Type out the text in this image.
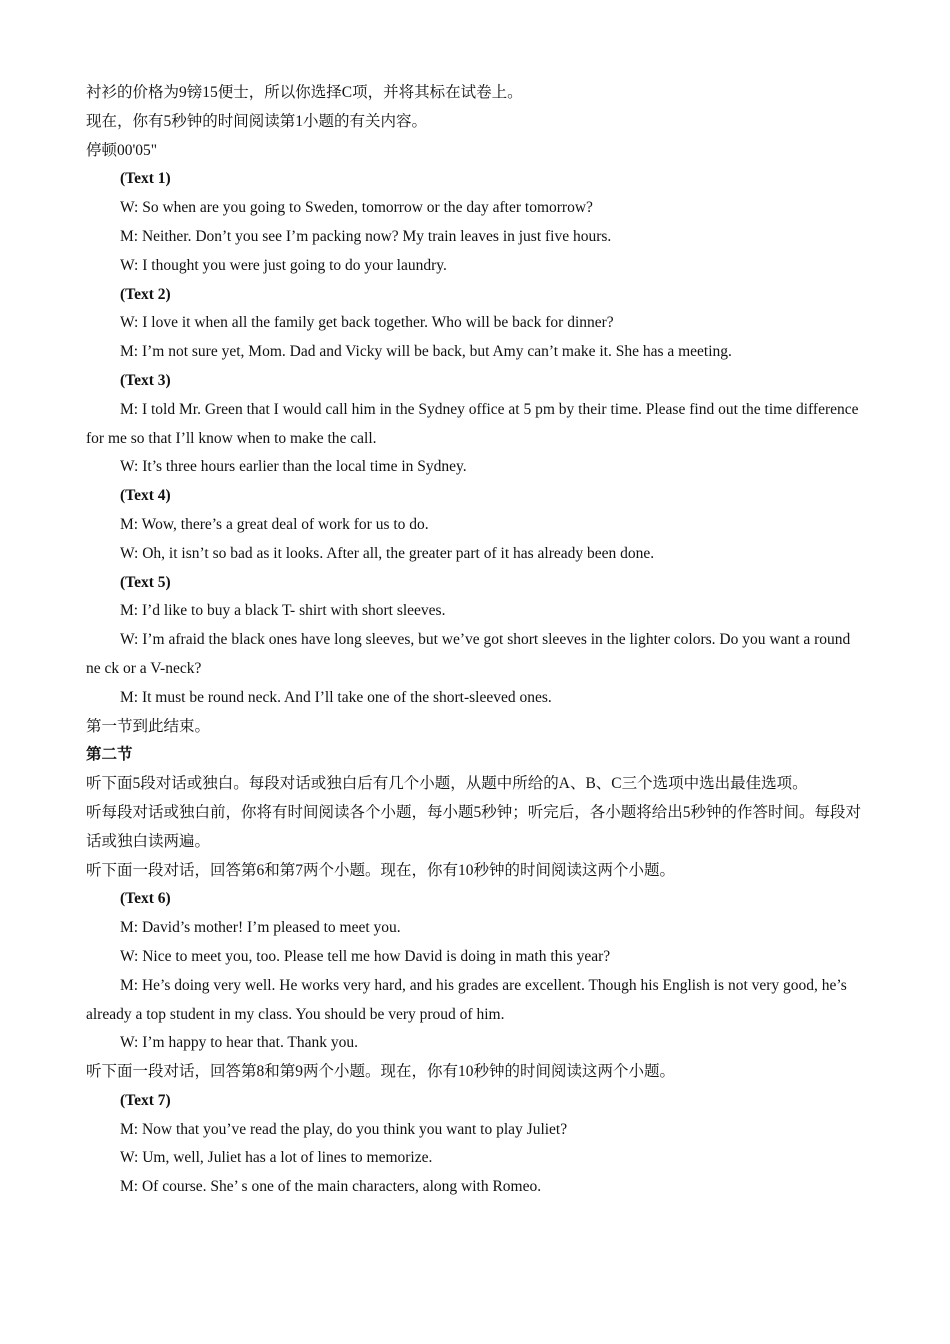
衬衫的价格为9镑15便士，所以你选择C项，并将其标在试卷上。
现在，你有5秒钟的时间阅读第1小题的有关内容。
停顿00'05"
(Text 1)
W: So when are you going to Sweden, tomorrow or the day after tomorrow?
M: Neither. Don’t you see I’m packing now? My train leaves in just five hours.
W: I thought you were just going to do your laundry.
(Text 2)
W: I love it when all the family get back together. Who will be back for dinner?
M: I’m not sure yet, Mom. Dad and Vicky will be back, but Amy can’t make it. She has a meeting.
(Text 3)
M: I told Mr. Green that I would call him in the Sydney office at 5 pm by their time. Please find out the time difference for me so that I’ll know when to make the call.
W: It’s three hours earlier than the local time in Sydney.
(Text 4)
M: Wow, there’s a great deal of work for us to do.
W: Oh, it isn’t so bad as it looks. After all, the greater part of it has already been done.
(Text 5)
M: I’d like to buy a black T- shirt with short sleeves.
W: I’m afraid the black ones have long sleeves, but we’ve got short sleeves in the lighter colors. Do you want a round ne ck or a V-neck?
M: It must be round neck. And I’ll take one of the short-sleeved ones.
第一节到此结束。
第二节
听下面5段对话或独白。每段对话或独白后有几个小题，从题中所给的A、B、C三个选项中选出最佳选项。
听每段对话或独白前，你将有时间阅读各个小题，每小题5秒钟；听完后，各小题将给出5秒钟的作答时间。每段对话或独白读两遍。
听下面一段对话，回答第6和第7两个小题。现在，你有10秒钟的时间阅读这两个小题。
(Text 6)
M: David’s mother! I’m pleased to meet you.
W: Nice to meet you, too. Please tell me how David is doing in math this year?
M: He’s doing very well. He works very hard, and his grades are excellent. Though his English is not very good, he’s already a top student in my class. You should be very proud of him.
W: I’m happy to hear that. Thank you.
听下面一段对话，回答第8和第9两个小题。现在，你有10秒钟的时间阅读这两个小题。
(Text 7)
M: Now that you’ve read the play, do you think you want to play Juliet?
W: Um, well, Juliet has a lot of lines to memorize.
M: Of course. She’ s one of the main characters, along with Romeo.
